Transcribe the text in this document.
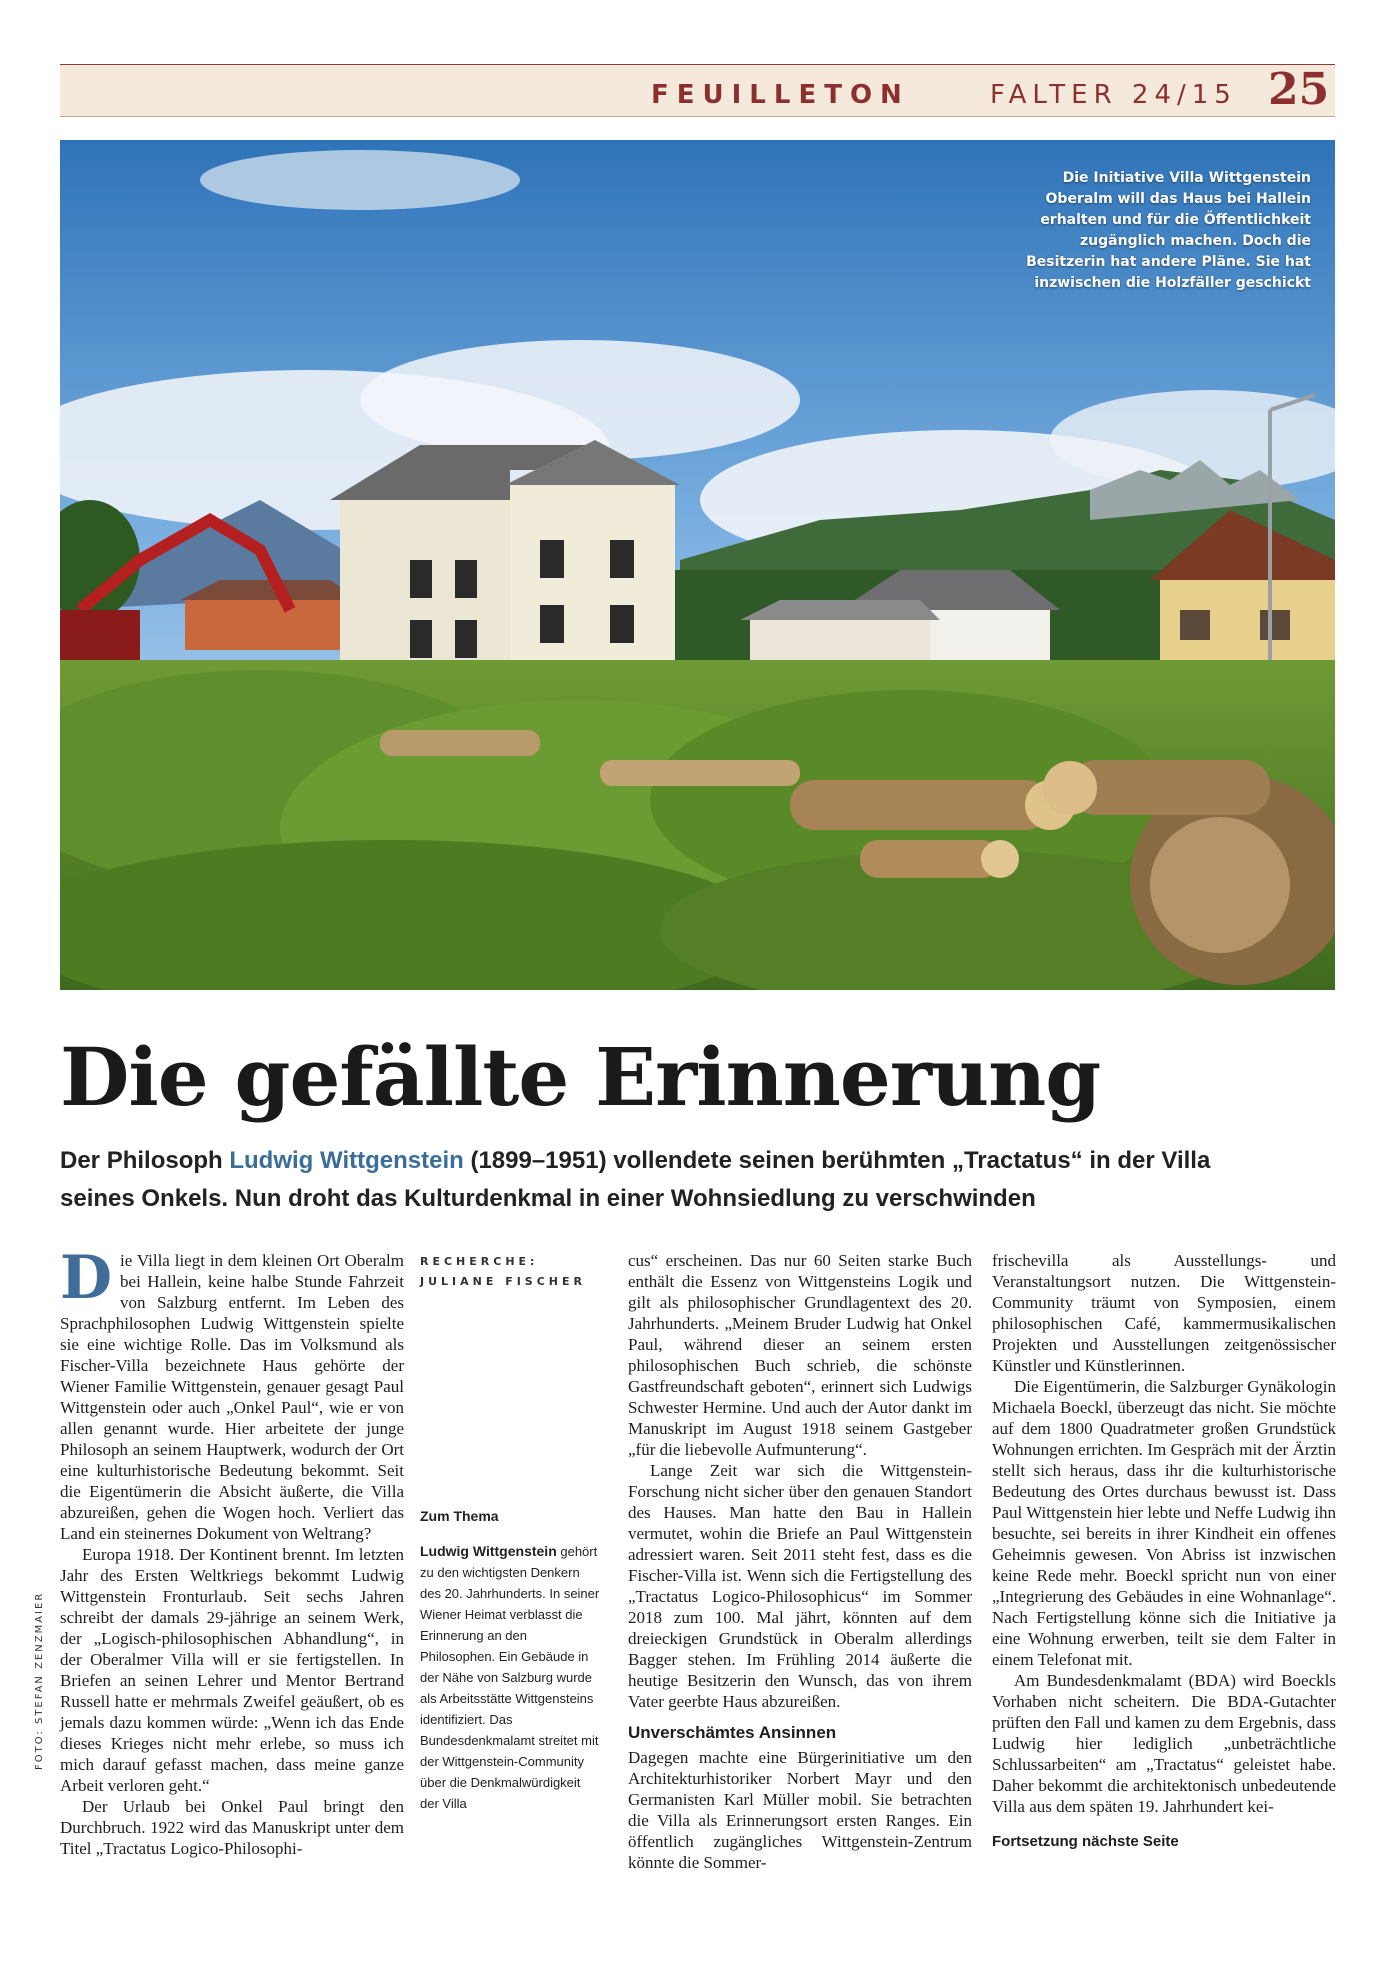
FEUILLETON	FALTER 24/15 25
Die Initiative Villa Wittgenstein Oberalm will das Haus bei Hallein erhalten und für die Öffentlichkeit zugänglich machen. Doch die Besitzerin hat andere Pläne. Sie hat inzwischen die Holzfäller geschickt
FOTO: STEFAN ZENZMAIER
Die gefällte Erinnerung
Der Philosoph Ludwig Wittgenstein (1899–1951) vollendete seinen berühmten „Tractatus“ in der Villa seines Onkels. Nun droht das Kulturdenkmal in einer Wohnsiedlung zu verschwinden

Die Villa liegt in dem kleinen Ort Oberalm bei Hallein, keine halbe Stunde Fahrzeit von Salzburg entfernt. Im Leben des Sprachphilosophen Ludwig Wittgenstein spielte sie eine wichtige Rolle. Das im Volksmund als Fischer-Villa bezeichnete Haus gehörte der Wiener Familie Wittgenstein, genauer gesagt Paul Wittgenstein oder auch „Onkel Paul“, wie er von allen genannt wurde. Hier arbeitete der junge Philosoph an seinem Hauptwerk, wodurch der Ort eine kulturhistorische Bedeutung bekommt. Seit die Eigentümerin die Absicht äußerte, die Villa abzureißen, gehen die Wogen hoch. Verliert das Land ein steinernes Dokument von Weltrang?

Europa 1918. Der Kontinent brennt. Im letzten Jahr des Ersten Weltkriegs bekommt Ludwig Wittgenstein Fronturlaub. Seit sechs Jahren schreibt der damals 29-jährige an seinem Werk, der „Logisch-philosophischen Abhandlung“, in der Oberalmer Villa will er sie fertigstellen. In Briefen an seinen Lehrer und Mentor Bertrand Russell hatte er mehrmals Zweifel geäußert, ob es jemals dazu kommen würde: „Wenn ich das Ende dieses Krieges nicht mehr erlebe, so muss ich mich darauf gefasst machen, dass meine ganze Arbeit verloren geht.“

Der Urlaub bei Onkel Paul bringt den Durchbruch. 1922 wird das Manuskript unter dem Titel „Tractatus Logico-Philosophi-

RECHERCHE:
JULIANE FISCHER
Zum Thema
Ludwig Wittgenstein gehört zu den wichtigsten Denkern des 20. Jahrhunderts. In seiner Wiener Heimat verblasst die Erinnerung an den Philosophen. Ein Gebäude in der Nähe von Salzburg wurde als Arbeitsstätte Wittgensteins identifiziert. Das Bundesdenkmalamt streitet mit der Wittgenstein-Community über die Denkmalwürdigkeit der Villa

cus“ erscheinen. Das nur 60 Seiten starke Buch enthält die Essenz von Wittgensteins Logik und gilt als philosophischer Grundlagentext des 20. Jahrhunderts. „Meinem Bruder Ludwig hat Onkel Paul, während dieser an seinem ersten philosophischen Buch schrieb, die schönste Gastfreundschaft geboten“, erinnert sich Ludwigs Schwester Hermine. Und auch der Autor dankt im Manuskript im August 1918 seinem Gastgeber „für die liebevolle Aufmunterung“.

Lange Zeit war sich die Wittgenstein-Forschung nicht sicher über den genauen Standort des Hauses. Man hatte den Bau in Hallein vermutet, wohin die Briefe an Paul Wittgenstein adressiert waren. Seit 2011 steht fest, dass es die Fischer-Villa ist. Wenn sich die Fertigstellung des „Tractatus Logico-Philosophicus“ im Sommer 2018 zum 100. Mal jährt, könnten auf dem dreieckigen Grundstück in Oberalm allerdings Bagger stehen. Im Frühling 2014 äußerte die heutige Besitzerin den Wunsch, das von ihrem Vater geerbte Haus abzureißen.

Unverschämtes Ansinnen

Dagegen machte eine Bürgerinitiative um den Architekturhistoriker Norbert Mayr und den Germanisten Karl Müller mobil. Sie betrachten die Villa als Erinnerungsort ersten Ranges. Ein öffentlich zugängliches Wittgenstein-Zentrum könnte die Sommer-

frischevilla als Ausstellungs- und Veranstaltungsort nutzen. Die Wittgenstein-Community träumt von Symposien, einem philosophischen Café, kammermusikalischen Projekten und Ausstellungen zeitgenössischer Künstler und Künstlerinnen.

Die Eigentümerin, die Salzburger Gynäkologin Michaela Boeckl, überzeugt das nicht. Sie möchte auf dem 1800 Quadratmeter großen Grundstück Wohnungen errichten. Im Gespräch mit der Ärztin stellt sich heraus, dass ihr die kulturhistorische Bedeutung des Ortes durchaus bewusst ist. Dass Paul Wittgenstein hier lebte und Neffe Ludwig ihn besuchte, sei bereits in ihrer Kindheit ein offenes Geheimnis gewesen. Von Abriss ist inzwischen keine Rede mehr. Boeckl spricht nun von einer „Integrierung des Gebäudes in eine Wohnanlage“. Nach Fertigstellung könne sich die Initiative ja eine Wohnung erwerben, teilt sie dem Falter in einem Telefonat mit.

Am Bundesdenkmalamt (BDA) wird Boeckls Vorhaben nicht scheitern. Die BDA-Gutachter prüften den Fall und kamen zu dem Ergebnis, dass Ludwig hier lediglich „unbeträchtliche Schlussarbeiten“ am „Tractatus“ geleistet habe. Daher bekommt die architektonisch unbedeutende Villa aus dem späten 19. Jahrhundert kei-

Fortsetzung nächste Seite
